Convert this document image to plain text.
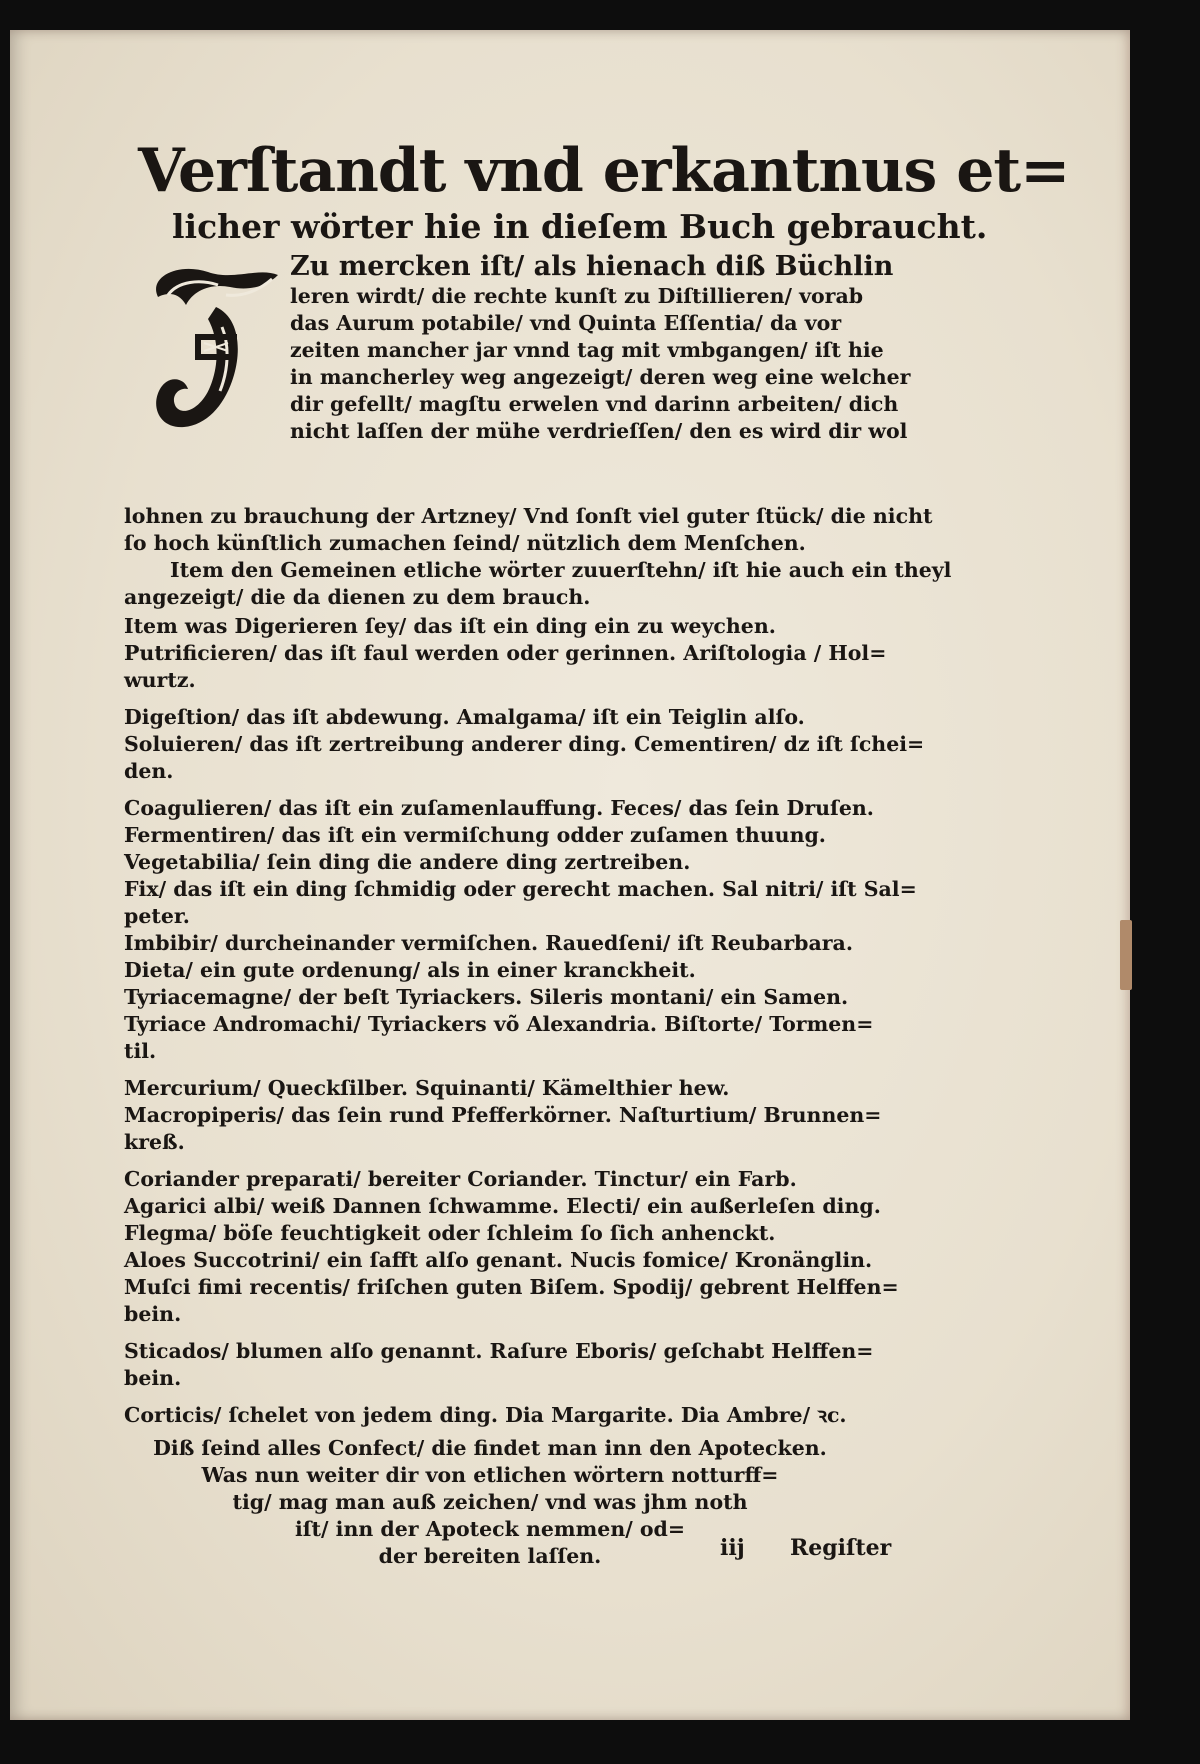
Verſtandt vnd erkantnus et=
licher wörter hie in dieſem Buch gebraucht.
Zu mercken iſt/ als hienach diß Büchlin
leren wirdt/ die rechte kunſt zu Diſtillieren/ vorab
das Aurum potabile/ vnd Quinta Eſſentia/ da vor
zeiten mancher jar vnnd tag mit vmbgangen/ iſt hie
in mancherley weg angezeigt/ deren weg eine welcher
dir gefellt/ magſtu erwelen vnd darinn arbeiten/ dich
nicht laſſen der mühe verdrieſſen/ den es wird dir wol
lohnen zu brauchung der Artzney/ Vnd ſonſt viel guter ſtück/ die nicht
ſo hoch künſtlich zumachen ſeind/ nützlich dem Menſchen.
Item den Gemeinen etliche wörter zuuerſtehn/ iſt hie auch ein theyl
angezeigt/ die da dienen zu dem brauch.
Item was Digerieren ſey/ das iſt ein ding ein zu weychen.
Putrificieren/ das iſt faul werden oder gerinnen. Ariſtologia / Hol=
wurtz.
Digeſtion/ das iſt abdewung. Amalgama/ iſt ein Teiglin alſo.
Soluieren/ das iſt zertreibung anderer ding. Cementiren/ dz iſt ſchei=
den.
Coagulieren/ das iſt ein zuſamenlauffung. Feces/ das ſein Druſen.
Fermentiren/ das iſt ein vermiſchung odder zuſamen thuung.
Vegetabilia/ ſein ding die andere ding zertreiben.
Fix/ das iſt ein ding ſchmidig oder gerecht machen. Sal nitri/ iſt Sal=
peter.
Imbibir/ durcheinander vermiſchen. Rauedſeni/ iſt Reubarbara.
Dieta/ ein gute ordenung/ als in einer kranckheit.
Tyriacemagne/ der beſt Tyriackers. Sileris montani/ ein Samen.
Tyriace Andromachi/ Tyriackers võ Alexandria. Biſtorte/ Tormen=
til.
Mercurium/ Queckſilber. Squinanti/ Kämelthier hew.
Macropiperis/ das ſein rund Pfefferkörner. Naſturtium/ Brunnen=
kreß.
Coriander preparati/ bereiter Coriander. Tinctur/ ein Farb.
Agarici albi/ weiß Dannen ſchwamme. Electi/ ein außerleſen ding.
Flegma/ böſe feuchtigkeit oder ſchleim ſo ſich anhenckt.
Aloes Succotrini/ ein ſafft alſo genant. Nucis fomice/ Kronänglin.
Muſci fimi recentis/ friſchen guten Biſem. Spodij/ gebrent Helffen=
bein.
Sticados/ blumen alſo genannt. Raſure Eboris/ geſchabt Helffen=
bein.
Corticis/ ſchelet von jedem ding. Dia Margarite. Dia Ambre/ ꝛc.
Diß ſeind alles Confect/ die findet man inn den Apotecken.
Was nun weiter dir von etlichen wörtern notturff=
tig/ mag man auß zeichen/ vnd was jhm noth
iſt/ inn der Apoteck nemmen/ od=
der bereiten laſſen.	iij Regiſter
